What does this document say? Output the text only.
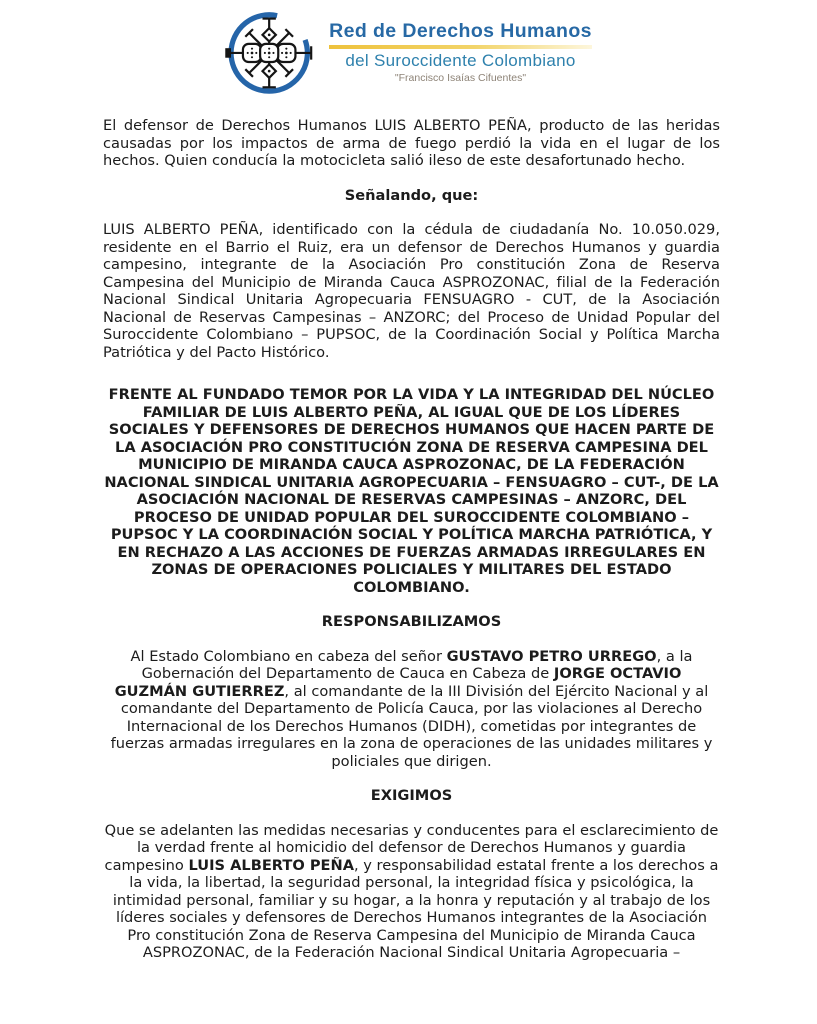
Red de Derechos Humanos
del Suroccidente Colombiano
"Francisco Isaías Cifuentes"

El defensor de Derechos Humanos LUIS ALBERTO PEÑA, producto de las heridas causadas por los impactos de arma de fuego perdió la vida en el lugar de los hechos. Quien conducía la motocicleta salió ileso de este desafortunado hecho.

Señalando, que:

LUIS ALBERTO PEÑA, identificado con la cédula de ciudadanía No. 10.050.029, residente en el Barrio el Ruiz, era un defensor de Derechos Humanos y guardia campesino, integrante de la Asociación Pro constitución Zona de Reserva Campesina del Municipio de Miranda Cauca ASPROZONAC, filial de la Federación Nacional Sindical Unitaria Agropecuaria FENSUAGRO - CUT, de la Asociación Nacional de Reservas Campesinas – ANZORC; del Proceso de Unidad Popular del Suroccidente Colombiano – PUPSOC, de la Coordinación Social y Política Marcha Patriótica y del Pacto Histórico.

FRENTE AL FUNDADO TEMOR POR LA VIDA Y LA INTEGRIDAD DEL NÚCLEO FAMILIAR DE LUIS ALBERTO PEÑA, AL IGUAL QUE DE LOS LÍDERES SOCIALES Y DEFENSORES DE DERECHOS HUMANOS QUE HACEN PARTE DE LA ASOCIACIÓN PRO CONSTITUCIÓN ZONA DE RESERVA CAMPESINA DEL MUNICIPIO DE MIRANDA CAUCA ASPROZONAC, DE LA FEDERACIÓN NACIONAL SINDICAL UNITARIA AGROPECUARIA – FENSUAGRO – CUT-, DE LA ASOCIACIÓN NACIONAL DE RESERVAS CAMPESINAS – ANZORC, DEL PROCESO DE UNIDAD POPULAR DEL SUROCCIDENTE COLOMBIANO – PUPSOC Y LA COORDINACIÓN SOCIAL Y POLÍTICA MARCHA PATRIÓTICA, Y EN RECHAZO A LAS ACCIONES DE FUERZAS ARMADAS IRREGULARES EN ZONAS DE OPERACIONES POLICIALES Y MILITARES DEL ESTADO COLOMBIANO.

RESPONSABILIZAMOS

Al Estado Colombiano en cabeza del señor GUSTAVO PETRO URREGO, a la Gobernación del Departamento de Cauca en Cabeza de JORGE OCTAVIO GUZMÁN GUTIERREZ, al comandante de la III División del Ejército Nacional y al comandante del Departamento de Policía Cauca, por las violaciones al Derecho Internacional de los Derechos Humanos (DIDH), cometidas por integrantes de fuerzas armadas irregulares en la zona de operaciones de las unidades militares y policiales que dirigen.

EXIGIMOS

Que se adelanten las medidas necesarias y conducentes para el esclarecimiento de la verdad frente al homicidio del defensor de Derechos Humanos y guardia campesino LUIS ALBERTO PEÑA, y responsabilidad estatal frente a los derechos a la vida, la libertad, la seguridad personal, la integridad física y psicológica, la intimidad personal, familiar y su hogar, a la honra y reputación y al trabajo de los líderes sociales y defensores de Derechos Humanos integrantes de la Asociación Pro constitución Zona de Reserva Campesina del Municipio de Miranda Cauca ASPROZONAC, de la Federación Nacional Sindical Unitaria Agropecuaria –
